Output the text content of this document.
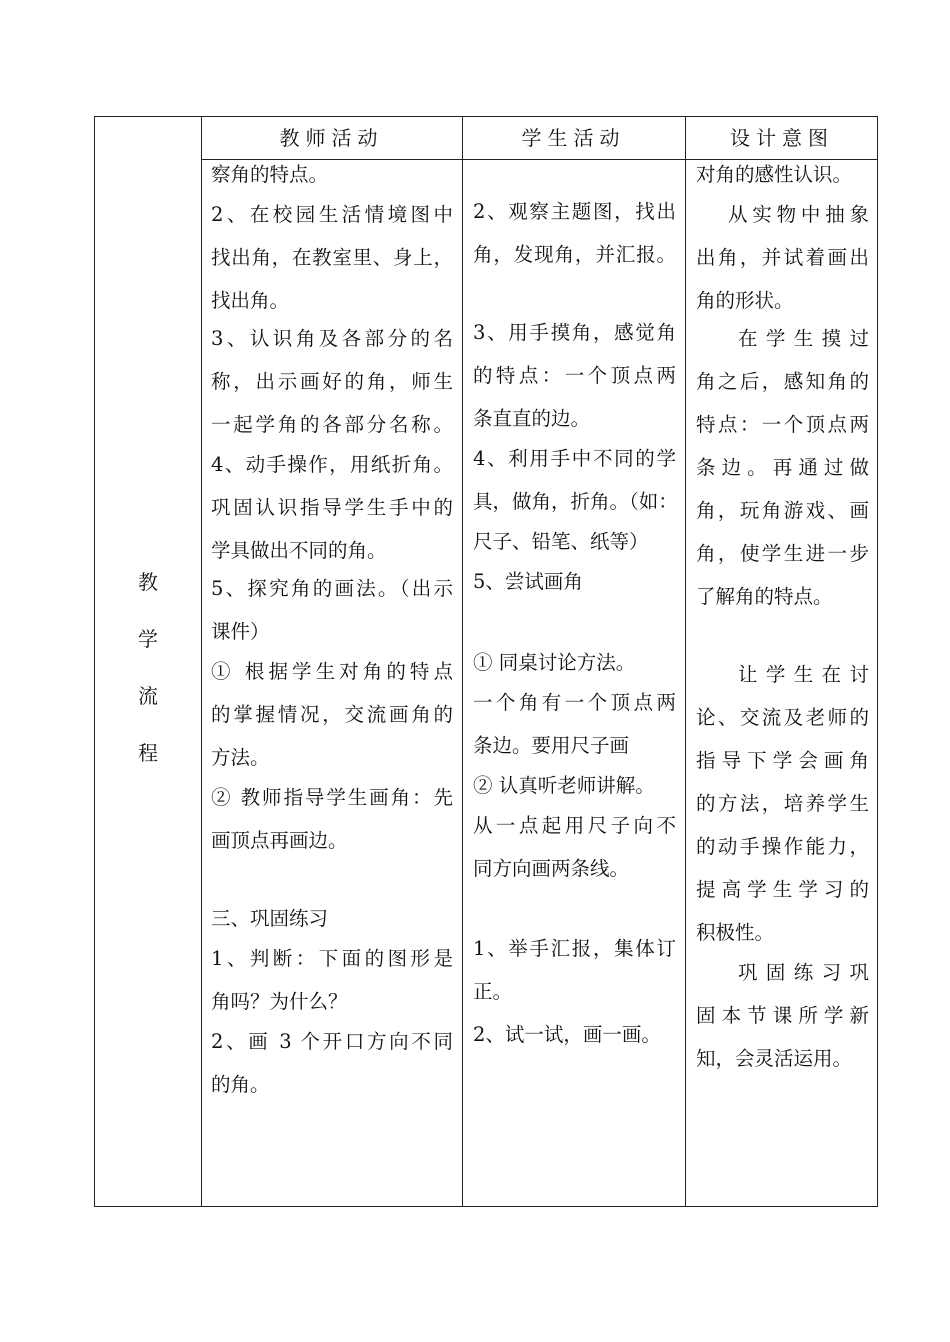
教师活动	学生活动	设计意图
教
学
流
程
察角的特点。
2、在校园生活情境图中
找出角，在教室里、身上，
找出角。
3、认识角及各部分的名
称，出示画好的角，师生
一起学角的各部分名称。
4、动手操作，用纸折角。
巩固认识指导学生手中的
学具做出不同的角。
5、探究角的画法。（出示
课件）
① 根据学生对角的特点
的掌握情况，交流画角的
方法。
② 教师指导学生画角：先
画顶点再画边。
三、巩固练习
1、判断：下面的图形是
角吗？为什么？
2、画 3 个开口方向不同
的角。
2、观察主题图，找出
角，发现角，并汇报。
3、用手摸角，感觉角
的特点：一个顶点两
条直直的边。
4、利用手中不同的学
具，做角，折角。（如：
尺子、铅笔、纸等）
5、尝试画角
① 同桌讨论方法。
一个角有一个顶点两
条边。要用尺子画
② 认真听老师讲解。
从一点起用尺子向不
同方向画两条线。
1、举手汇报，集体订
正。
2、试一试，画一画。
对角的感性认识。
从实物中抽象
出角，并试着画出
角的形状。
在学生摸过
角之后，感知角的
特点：一个顶点两
条边。再通过做
角，玩角游戏、画
角，使学生进一步
了解角的特点。
让学生在讨
论、交流及老师的
指导下学会画角
的方法，培养学生
的动手操作能力，
提高学生学习的
积极性。
巩固练习巩
固本节课所学新
知，会灵活运用。
